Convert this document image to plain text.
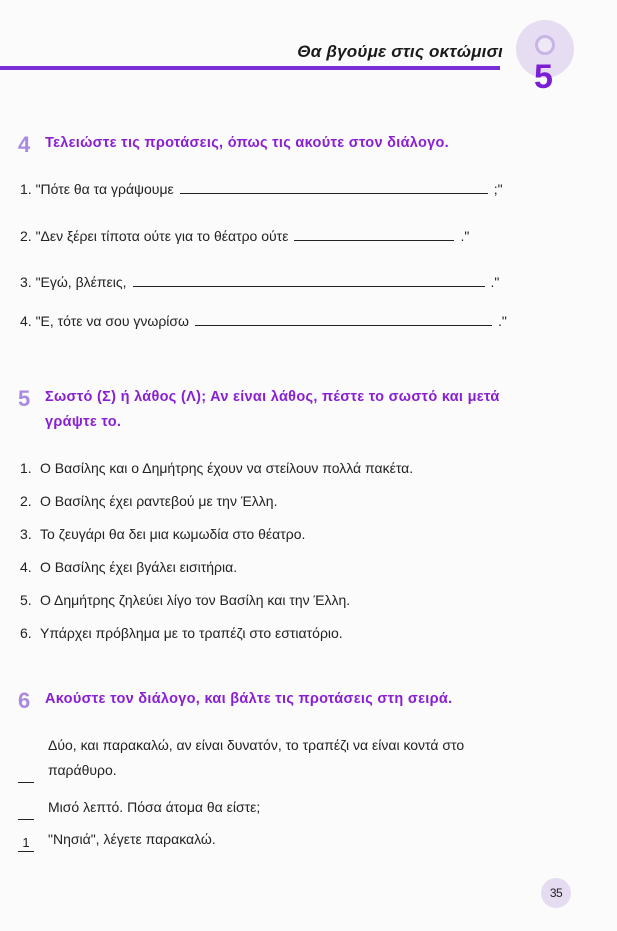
Θα βγούμε στις οκτώμισι
5
4	Τελειώστε τις προτάσεις, όπως τις ακούτε στον διάλογο.
1. "Πότε θα τα γράψουμε	;"
2. "Δεν ξέρει τίποτα ούτε για το θέατρο ούτε	."
3. "Εγώ, βλέπεις,	."
4. "Ε, τότε να σου γνωρίσω	."
5	Σωστό (Σ) ή λάθος (Λ); Αν είναι λάθος, πέστε το σωστό και μετά
γράψτε το.
1. Ο Βασίλης και ο Δημήτρης έχουν να στείλουν πολλά πακέτα.
2. Ο Βασίλης έχει ραντεβού με την Έλλη.
3. Το ζευγάρι θα δει μια κωμωδία στο θέατρο.
4. Ο Βασίλης έχει βγάλει εισιτήρια.
5. Ο Δημήτρης ζηλεύει λίγο τον Βασίλη και την Έλλη.
6. Υπάρχει πρόβλημα με το τραπέζι στο εστιατόριο.
6	Ακούστε τον διάλογο, και βάλτε τις προτάσεις στη σειρά.
Δύο, και παρακαλώ, αν είναι δυνατόν, το τραπέζι να είναι κοντά στο
παράθυρο.
Μισό λεπτό. Πόσα άτομα θα είστε;
1 "Νησιά", λέγετε παρακαλώ.
35
